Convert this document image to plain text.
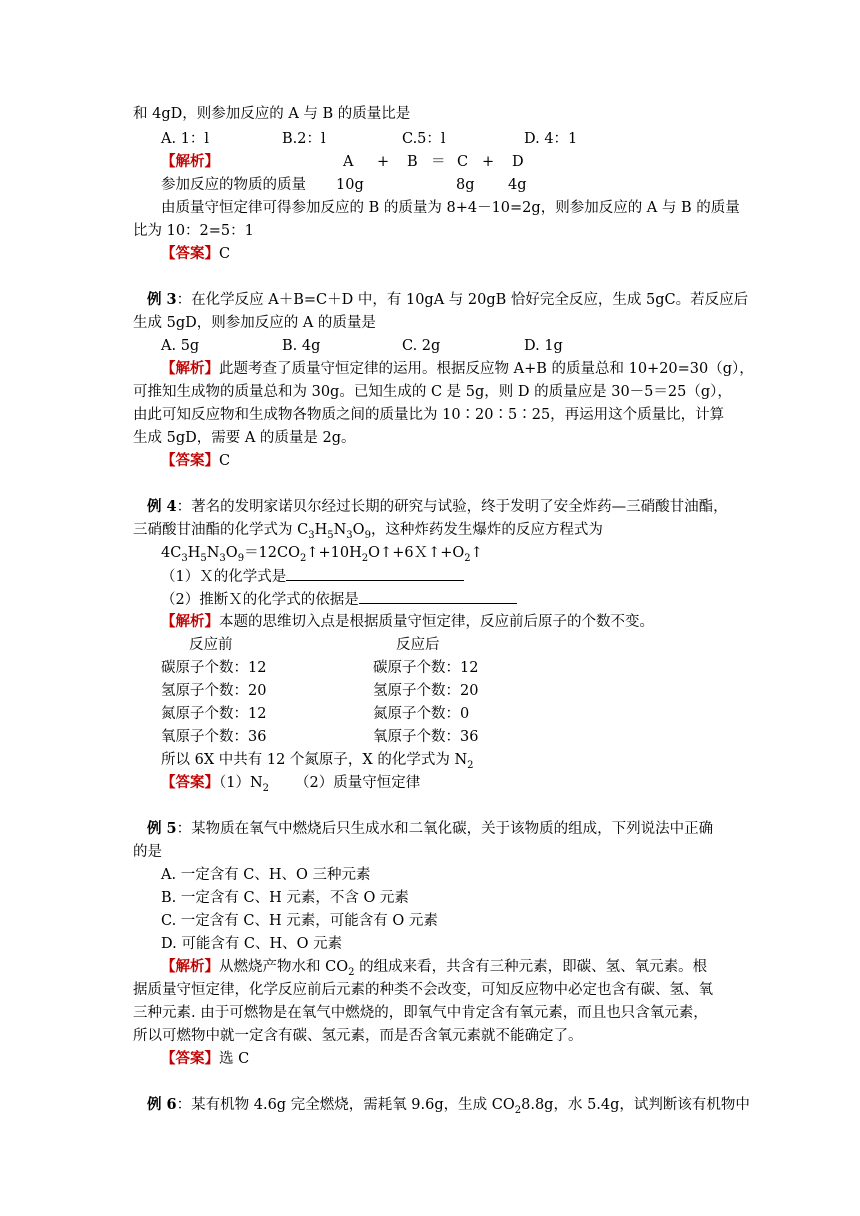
和 4gD，则参加反应的 A 与 B 的质量比是
A. 1：l	B.2：l	C.5：l	D. 4：1
【解析】	A + B ＝ C + D
参加反应的物质的质量 10g	8g 4g
由质量守恒定律可得参加反应的 B 的质量为 8+4－10=2g，则参加反应的 A 与 B 的质量
比为 10：2=5：1
【答案】C
例 3：在化学反应 A＋B=C＋D 中，有 10gA 与 20gB 恰好完全反应，生成 5gC。若反应后
生成 5gD，则参加反应的 A 的质量是
A. 5g	B. 4g	C. 2g	D. 1g
【解析】此题考查了质量守恒定律的运用。根据反应物 A+B 的质量总和 10+20=30（g），
可推知生成物的质量总和为 30g。已知生成的 C 是 5g，则 D 的质量应是 30－5＝25（g），
由此可知反应物和生成物各物质之间的质量比为 10∶20∶5∶25，再运用这个质量比，计算
生成 5gD，需要 A 的质量是 2g。
【答案】C
例 4：著名的发明家诺贝尔经过长期的研究与试验，终于发明了安全炸药—三硝酸甘油酯，
三硝酸甘油酯的化学式为 $C_3H_5N_3O_9$，这种炸药发生爆炸的反应方程式为
$4C_3H_5N_3O_9=12CO_2↑+10H_2O↑+6X↑+O_2↑$
（1）Ｘ的化学式是
（2）推断Ｘ的化学式的依据是
【解析】本题的思维切入点是根据质量守恒定律，反应前后原子的个数不变。
反应前	反应后
碳原子个数：12	碳原子个数：12
氢原子个数：20	氢原子个数：20
氮原子个数：12	氮原子个数：0
氧原子个数：36	氧原子个数：36
所以 6X 中共有 12 个氮原子，X 的化学式为 $N_2$
【答案】$(1)N_2$ （2）质量守恒定律
例 5：某物质在氧气中燃烧后只生成水和二氧化碳，关于该物质的组成，下列说法中正确
的是
A. 一定含有 C、H、O 三种元素
B. 一定含有 C、H 元素，不含 O 元素
C. 一定含有 C、H 元素，可能含有 O 元素
D. 可能含有 C、H、O 元素
【解析】从燃烧产物水和 $CO_2$ 的组成来看，共含有三种元素，即碳、氢、氧元素。根
据质量守恒定律，化学反应前后元素的种类不会改变，可知反应物中必定也含有碳、氢、氧
三种元素. 由于可燃物是在氧气中燃烧的，即氧气中肯定含有氧元素，而且也只含氧元素，
所以可燃物中就一定含有碳、氢元素，而是否含氧元素就不能确定了。
【答案】选 C
例 6：某有机物 4.6g 完全燃烧，需耗氧 9.6g，生成 $CO_28.8g$，水 5.4g，试判断该有机物中
